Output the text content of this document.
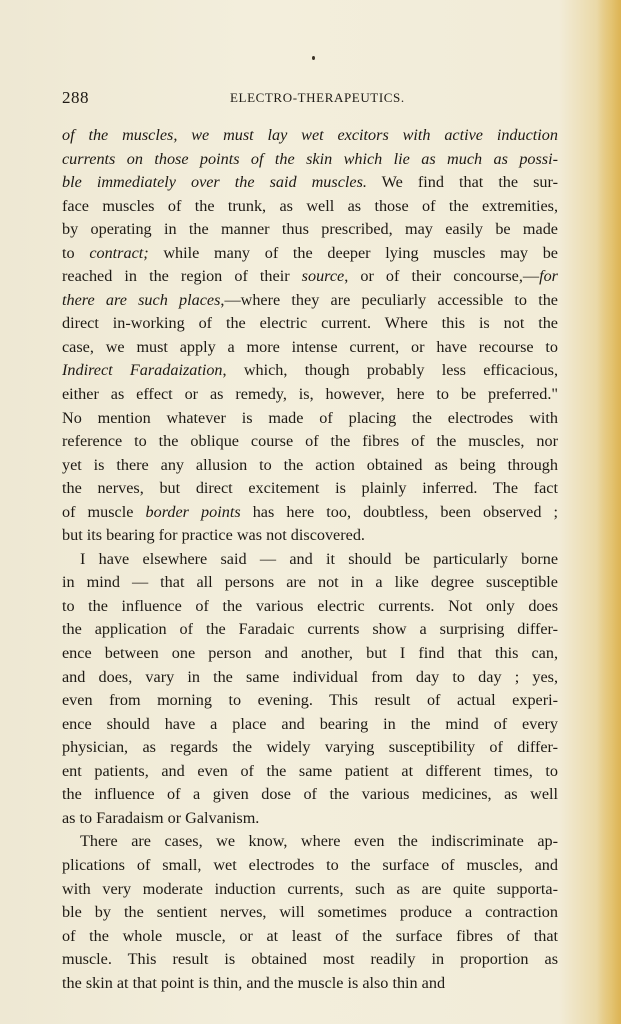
288	ELECTRO-THERAPEUTICS.
of the muscles, we must lay wet excitors with active induction
currents on those points of the skin which lie as much as possi-
ble immediately over the said muscles. We find that the sur-
face muscles of the trunk, as well as those of the extremities,
by operating in the manner thus prescribed, may easily be made
to contract; while many of the deeper lying muscles may be
reached in the region of their source, or of their concourse,—for
there are such places,—where they are peculiarly accessible to the
direct in-working of the electric current. Where this is not the
case, we must apply a more intense current, or have recourse to
Indirect Faradaization, which, though probably less efficacious,
either as effect or as remedy, is, however, here to be preferred."
No mention whatever is made of placing the electrodes with
reference to the oblique course of the fibres of the muscles, nor
yet is there any allusion to the action obtained as being through
the nerves, but direct excitement is plainly inferred. The fact
of muscle border points has here too, doubtless, been observed ;
but its bearing for practice was not discovered.
I have elsewhere said — and it should be particularly borne
in mind — that all persons are not in a like degree susceptible
to the influence of the various electric currents. Not only does
the application of the Faradaic currents show a surprising differ-
ence between one person and another, but I find that this can,
and does, vary in the same individual from day to day ; yes,
even from morning to evening. This result of actual experi-
ence should have a place and bearing in the mind of every
physician, as regards the widely varying susceptibility of differ-
ent patients, and even of the same patient at different times, to
the influence of a given dose of the various medicines, as well
as to Faradaism or Galvanism.
There are cases, we know, where even the indiscriminate ap-
plications of small, wet electrodes to the surface of muscles, and
with very moderate induction currents, such as are quite supporta-
ble by the sentient nerves, will sometimes produce a contraction
of the whole muscle, or at least of the surface fibres of that
muscle. This result is obtained most readily in proportion as
the skin at that point is thin, and the muscle is also thin and
